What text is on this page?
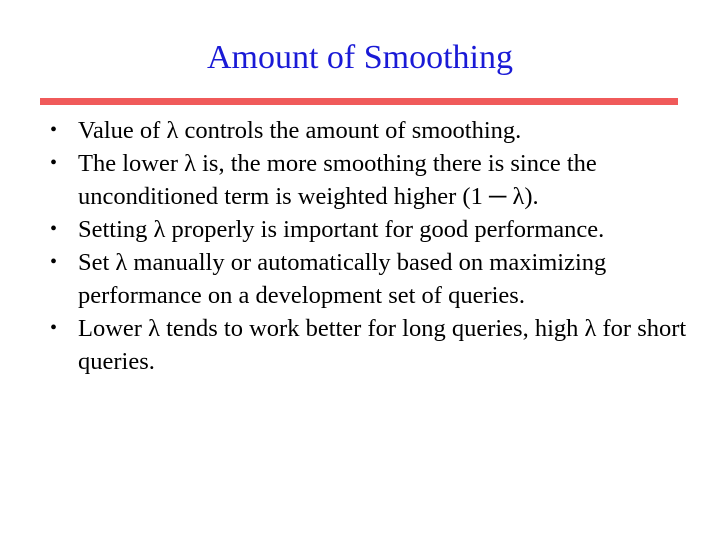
Amount of Smoothing
• Value of λ controls the amount of smoothing.
• The lower λ is, the more smoothing there is since the unconditioned term is weighted higher (1 ─ λ).
• Setting λ properly is important for good performance.
• Set λ manually or automatically based on maximizing performance on a development set of queries.
• Lower λ tends to work better for long queries, high λ for short queries.
